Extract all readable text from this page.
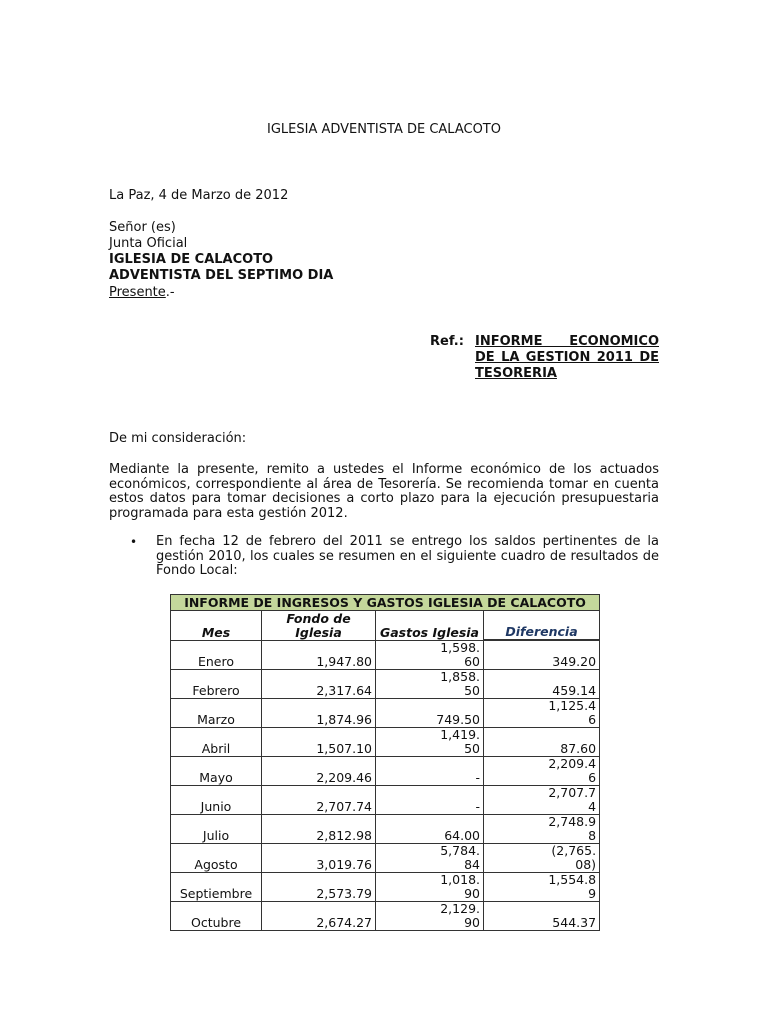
IGLESIA ADVENTISTA DE CALACOTO
La Paz, 4 de Marzo de 2012
Señor (es)
Junta Oficial
IGLESIA DE CALACOTO
ADVENTISTA DEL SEPTIMO DIA
Presente.-
Ref.: INFORME ECONOMICO
DE LA GESTION 2011 DE
TESORERIA
De mi consideración:
Mediante la presente, remito a ustedes el Informe económico de los actuados
económicos, correspondiente al área de Tesorería. Se recomienda tomar en cuenta
estos datos para tomar decisiones a corto plazo para la ejecución presupuestaria
programada para esta gestión 2012.
• En fecha 12 de febrero del 2011 se entrego los saldos pertinentes de la
gestión 2010, los cuales se resumen en el siguiente cuadro de resultados de
Fondo Local:
INFORME DE INGRESOS Y GASTOS IGLESIA DE CALACOTO			
Mes	Fondo de Iglesia	Gastos Iglesia	Diferencia
Enero	1,947.80	1,598.60	349.20
Febrero	2,317.64	1,858.50	459.14
Marzo	1,874.96	749.50	1,125.46
Abril	1,507.10	1,419.50	87.60
Mayo	2,209.46	-	2,209.46
Junio	2,707.74	-	2,707.74
Julio	2,812.98	64.00	2,748.98
Agosto	3,019.76	5,784.84	(2,765.08)
Septiembre	2,573.79	1,018.90	1,554.89
Octubre	2,674.27	2,129.90	544.37
